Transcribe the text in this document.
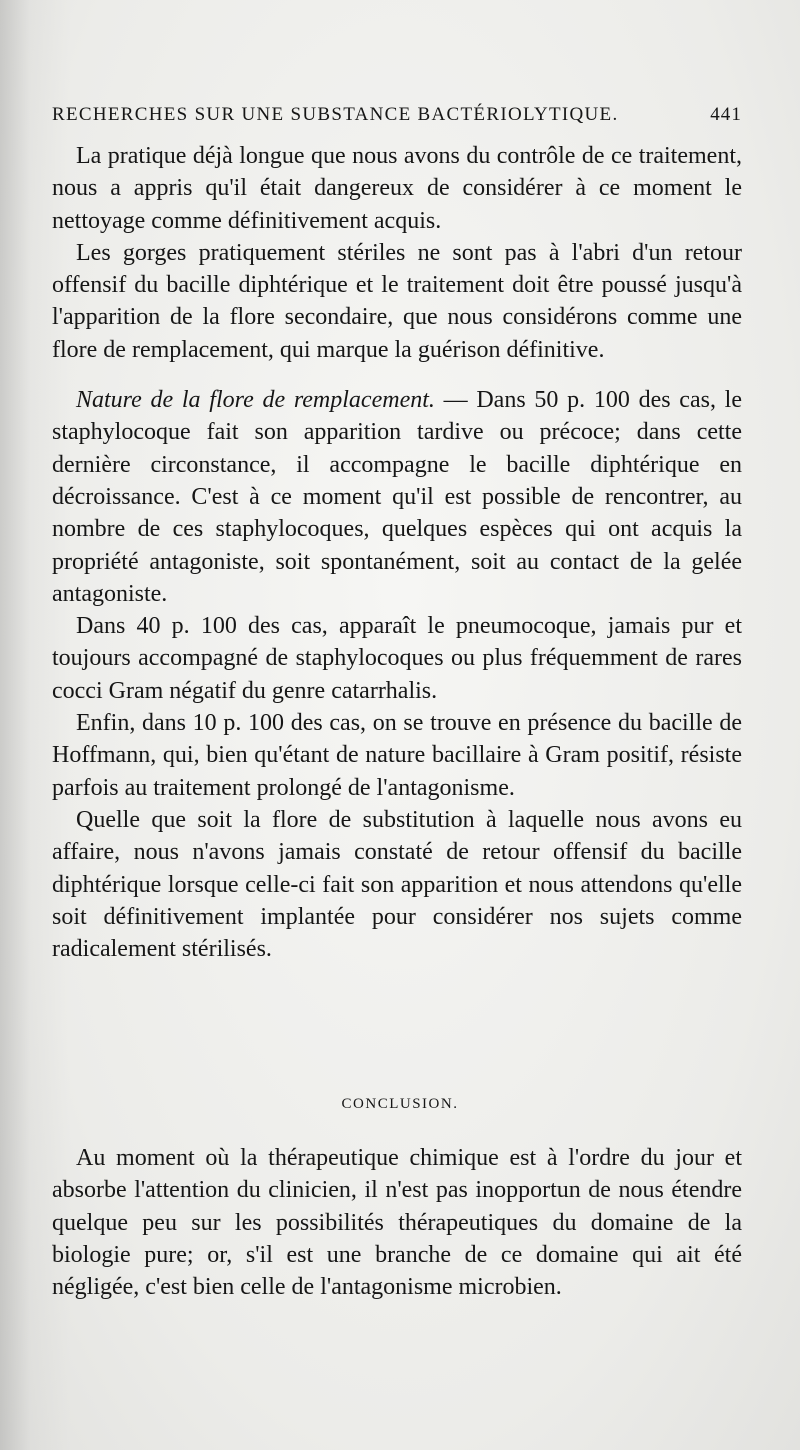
RECHERCHES SUR UNE SUBSTANCE BACTÉRIOLYTIQUE.	441

La pratique déjà longue que nous avons du contrôle de ce traitement, nous a appris qu'il était dangereux de considérer à ce moment le nettoyage comme définitivement acquis.

Les gorges pratiquement stériles ne sont pas à l'abri d'un retour offensif du bacille diphtérique et le traitement doit être poussé jusqu'à l'apparition de la flore secondaire, que nous considérons comme une flore de remplacement, qui marque la guérison définitive.

Nature de la flore de remplacement. — Dans 50 p. 100 des cas, le staphylocoque fait son apparition tardive ou précoce; dans cette dernière circonstance, il accompagne le bacille diphtérique en décroissance. C'est à ce moment qu'il est possible de rencontrer, au nombre de ces staphylocoques, quelques espèces qui ont acquis la propriété antagoniste, soit spontanément, soit au contact de la gelée antagoniste.

Dans 40 p. 100 des cas, apparaît le pneumocoque, jamais pur et toujours accompagné de staphylocoques ou plus fréquemment de rares cocci Gram négatif du genre catarrhalis.

Enfin, dans 10 p. 100 des cas, on se trouve en présence du bacille de Hoffmann, qui, bien qu'étant de nature bacillaire à Gram positif, résiste parfois au traitement prolongé de l'antagonisme.

Quelle que soit la flore de substitution à laquelle nous avons eu affaire, nous n'avons jamais constaté de retour offensif du bacille diphtérique lorsque celle-ci fait son apparition et nous attendons qu'elle soit définitivement implantée pour considérer nos sujets comme radicalement stérilisés.

CONCLUSION.

Au moment où la thérapeutique chimique est à l'ordre du jour et absorbe l'attention du clinicien, il n'est pas inopportun de nous étendre quelque peu sur les possibilités thérapeutiques du domaine de la biologie pure; or, s'il est une branche de ce domaine qui ait été négligée, c'est bien celle de l'antagonisme microbien.
